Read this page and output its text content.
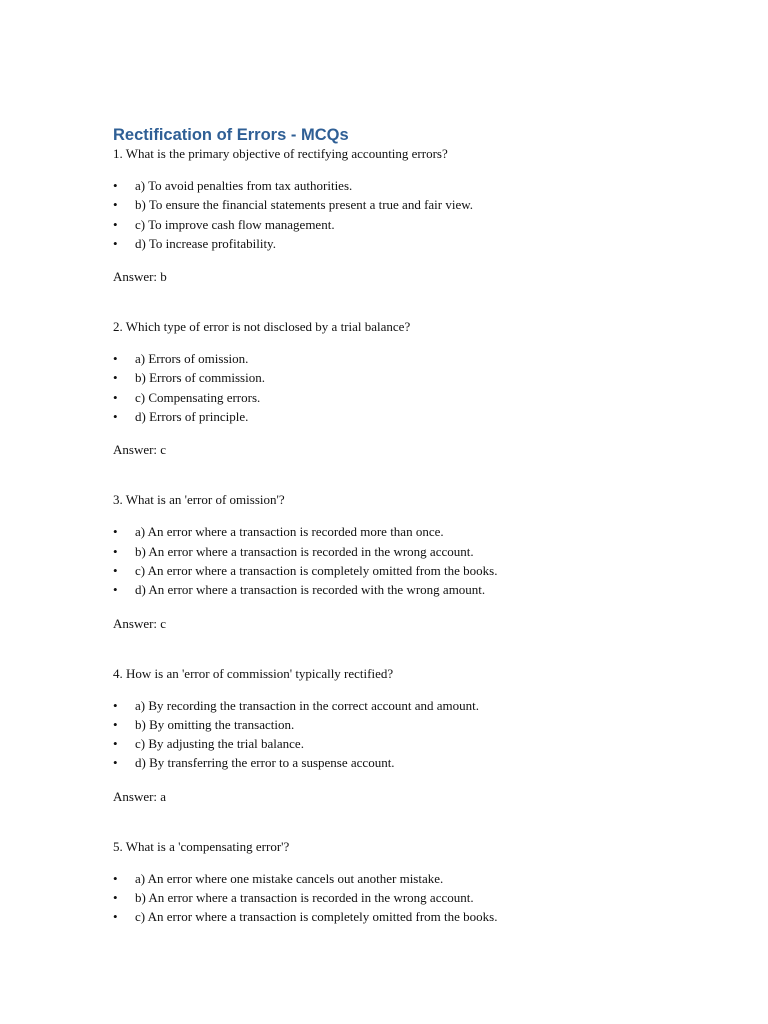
Rectification of Errors - MCQs

1. What is the primary objective of rectifying accounting errors?

• a) To avoid penalties from tax authorities.
• b) To ensure the financial statements present a true and fair view.
• c) To improve cash flow management.
• d) To increase profitability.

Answer: b

2. Which type of error is not disclosed by a trial balance?

• a) Errors of omission.
• b) Errors of commission.
• c) Compensating errors.
• d) Errors of principle.

Answer: c

3. What is an 'error of omission'?

• a) An error where a transaction is recorded more than once.
• b) An error where a transaction is recorded in the wrong account.
• c) An error where a transaction is completely omitted from the books.
• d) An error where a transaction is recorded with the wrong amount.

Answer: c

4. How is an 'error of commission' typically rectified?

• a) By recording the transaction in the correct account and amount.
• b) By omitting the transaction.
• c) By adjusting the trial balance.
• d) By transferring the error to a suspense account.

Answer: a

5. What is a 'compensating error'?

• a) An error where one mistake cancels out another mistake.
• b) An error where a transaction is recorded in the wrong account.
• c) An error where a transaction is completely omitted from the books.
